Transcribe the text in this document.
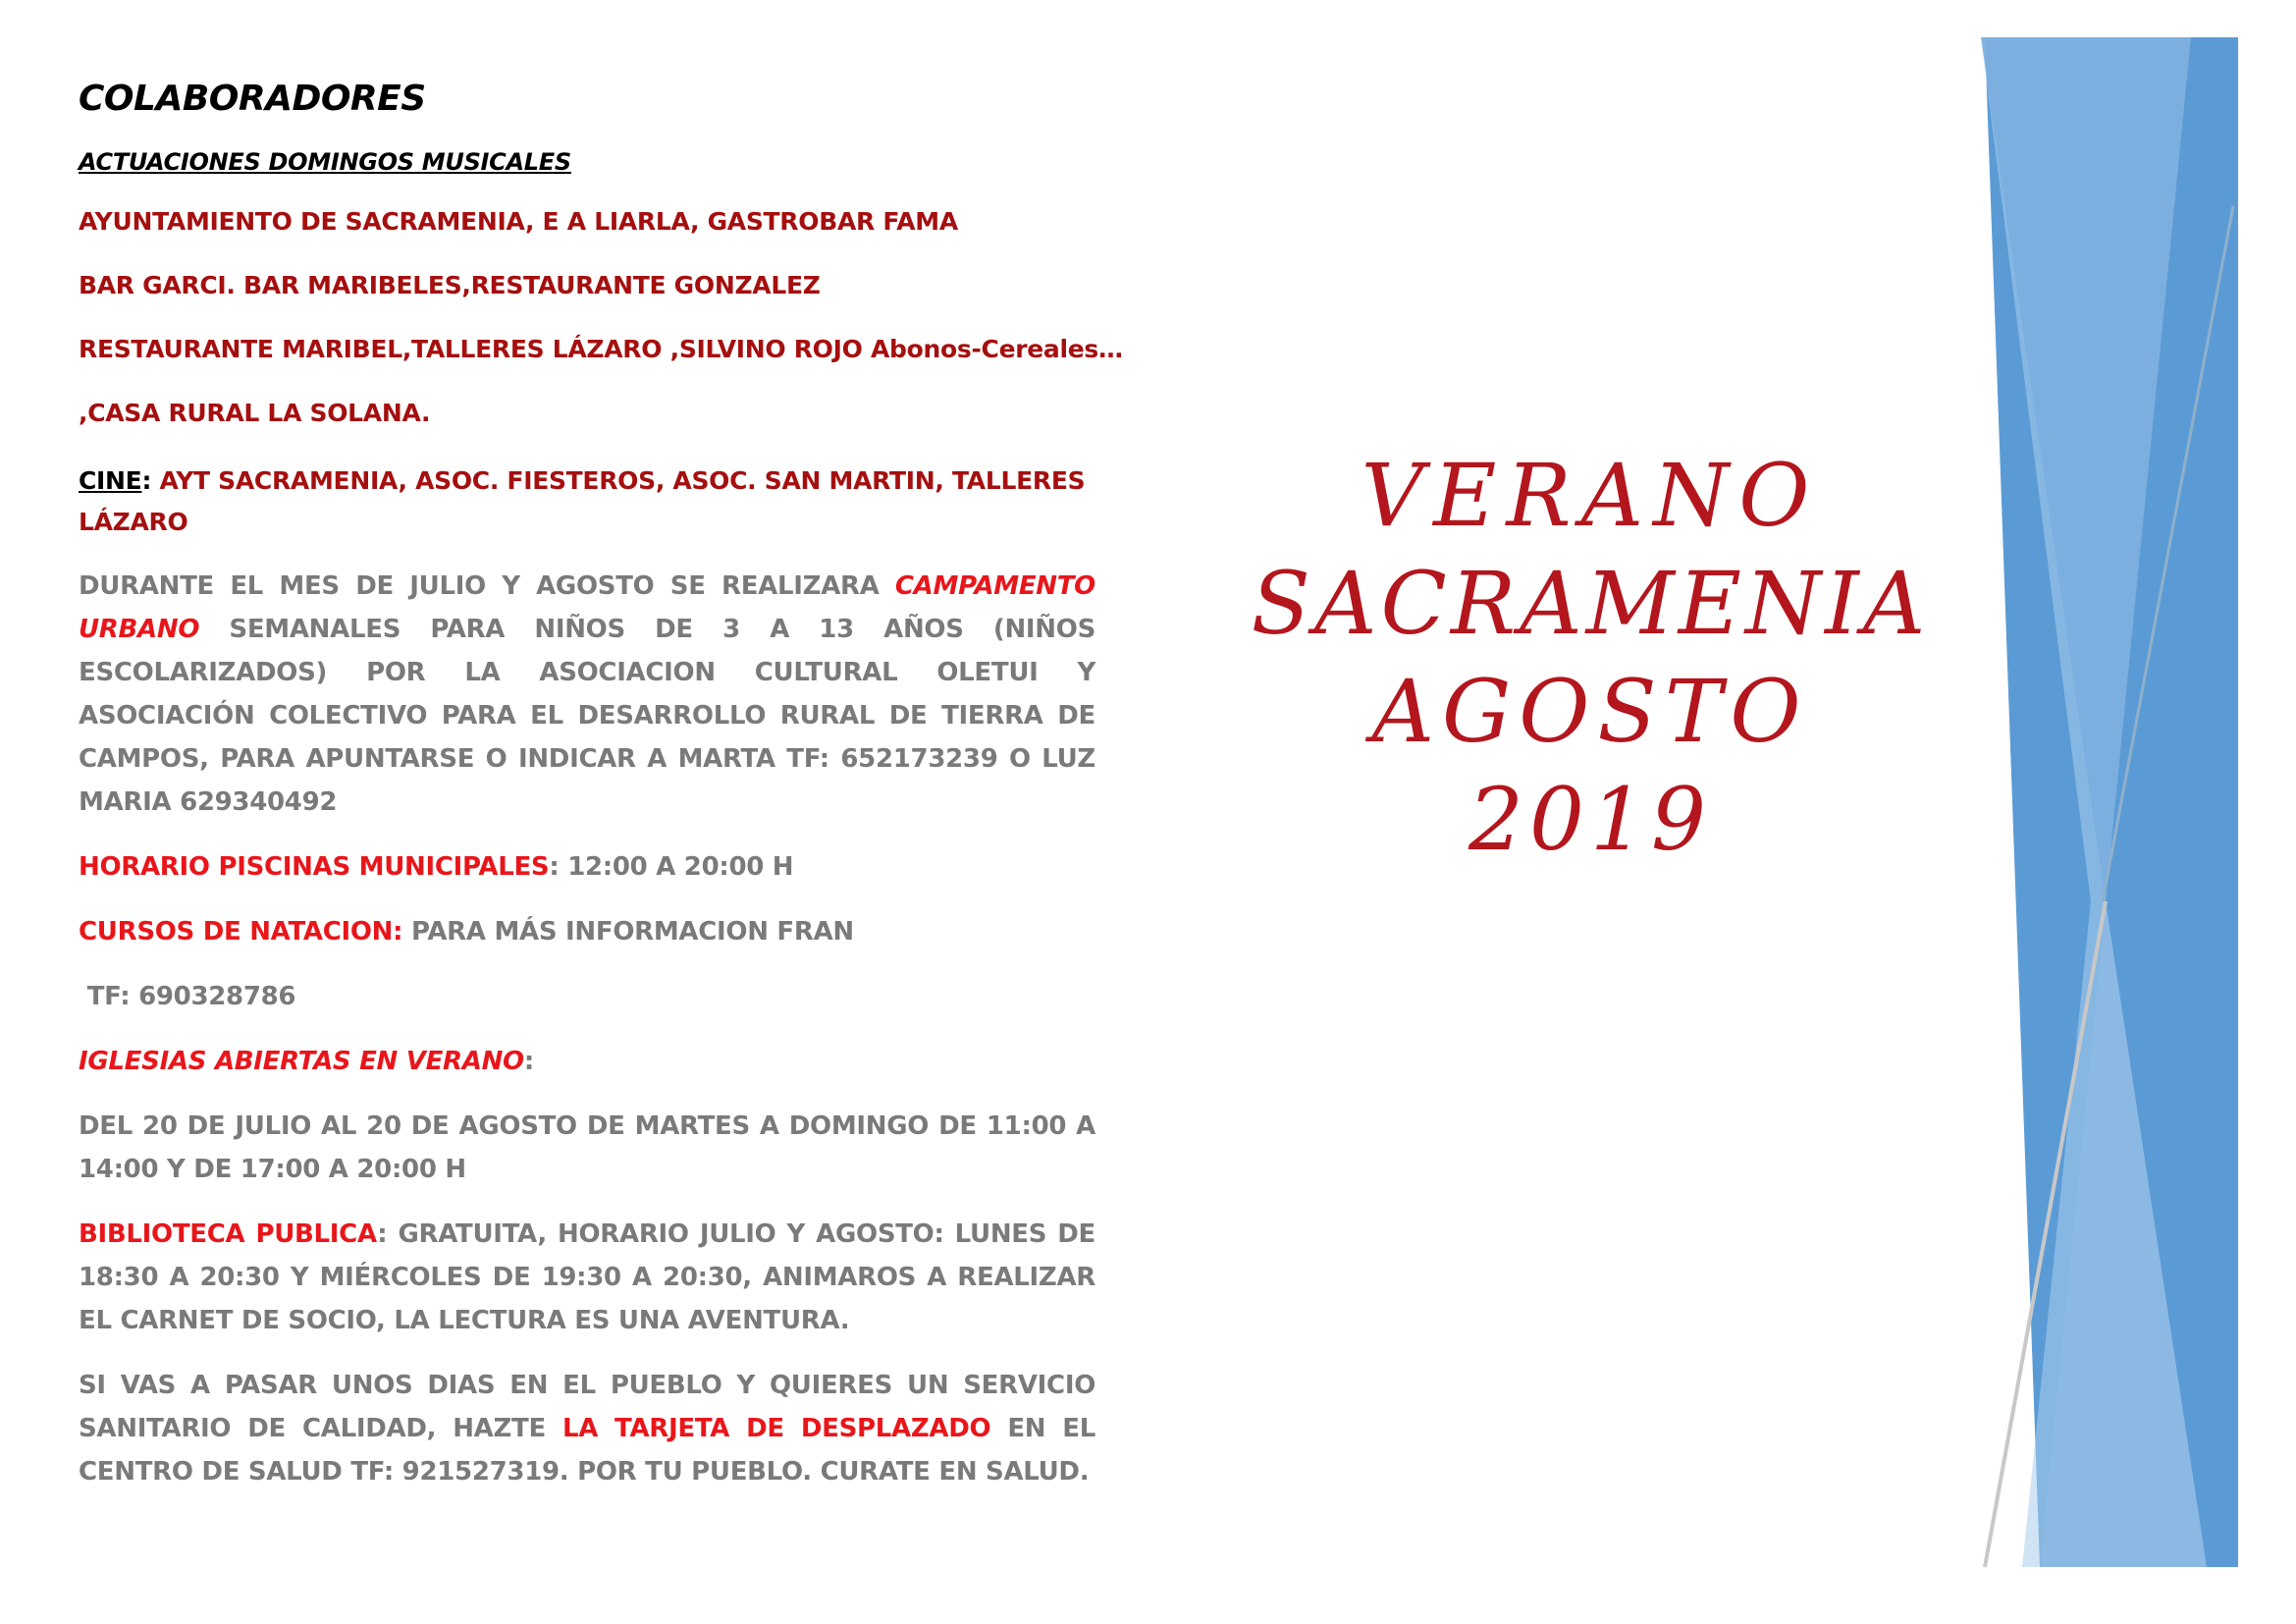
COLABORADORES
ACTUACIONES DOMINGOS MUSICALES
AYUNTAMIENTO DE SACRAMENIA, E A LIARLA, GASTROBAR FAMA
BAR GARCI. BAR MARIBELES,RESTAURANTE GONZALEZ
RESTAURANTE MARIBEL,TALLERES LÁZARO ,SILVINO ROJO Abonos-Cereales…
,CASA RURAL LA SOLANA.
CINE: AYT SACRAMENIA, ASOC. FIESTEROS, ASOC. SAN MARTIN, TALLERES LÁZARO
DURANTE EL MES DE JULIO Y AGOSTO SE REALIZARA CAMPAMENTO URBANO SEMANALES PARA NIÑOS DE 3 A 13 AÑOS (NIÑOS ESCOLARIZADOS) POR LA ASOCIACION CULTURAL OLETUI Y ASOCIACIÓN COLECTIVO PARA EL DESARROLLO RURAL DE TIERRA DE CAMPOS, PARA APUNTARSE O INDICAR A MARTA TF: 652173239 O LUZ MARIA 629340492
HORARIO PISCINAS MUNICIPALES: 12:00 A 20:00 H
CURSOS DE NATACION: PARA MÁS INFORMACION FRAN
TF: 690328786
IGLESIAS ABIERTAS EN VERANO:
DEL 20 DE JULIO AL 20 DE AGOSTO DE MARTES A DOMINGO DE 11:00 A 14:00 Y DE 17:00 A 20:00 H
BIBLIOTECA PUBLICA: GRATUITA, HORARIO JULIO Y AGOSTO: LUNES DE 18:30 A 20:30 Y MIÉRCOLES DE 19:30 A 20:30, ANIMAROS A REALIZAR EL CARNET DE SOCIO, LA LECTURA ES UNA AVENTURA.
SI VAS A PASAR UNOS DIAS EN EL PUEBLO Y QUIERES UN SERVICIO SANITARIO DE CALIDAD, HAZTE LA TARJETA DE DESPLAZADO EN EL CENTRO DE SALUD TF: 921527319. POR TU PUEBLO. CURATE EN SALUD.
VERANO
SACRAMENIA
AGOSTO
2019
